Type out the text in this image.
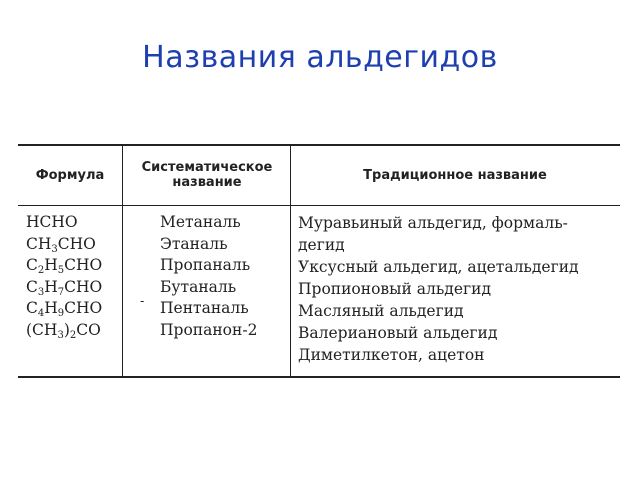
Названия альдегидов
Формула
Систематическое название	Традиционное название
HCHO
$CH_3CHO$
$C_2H_5CHO$
$C_3H_7CHO$
$C_4H_9CHO$
$(CH_3)_2CO$
-
Метаналь
Этаналь
Пропаналь
Бутаналь
Пентаналь
Пропанон-2
Муравьиный альдегид, формаль-
дегид
Уксусный альдегид, ацетальдегид
Пропионовый альдегид
Масляный альдегид
Валериановый альдегид
Диметилкетон, ацетон
